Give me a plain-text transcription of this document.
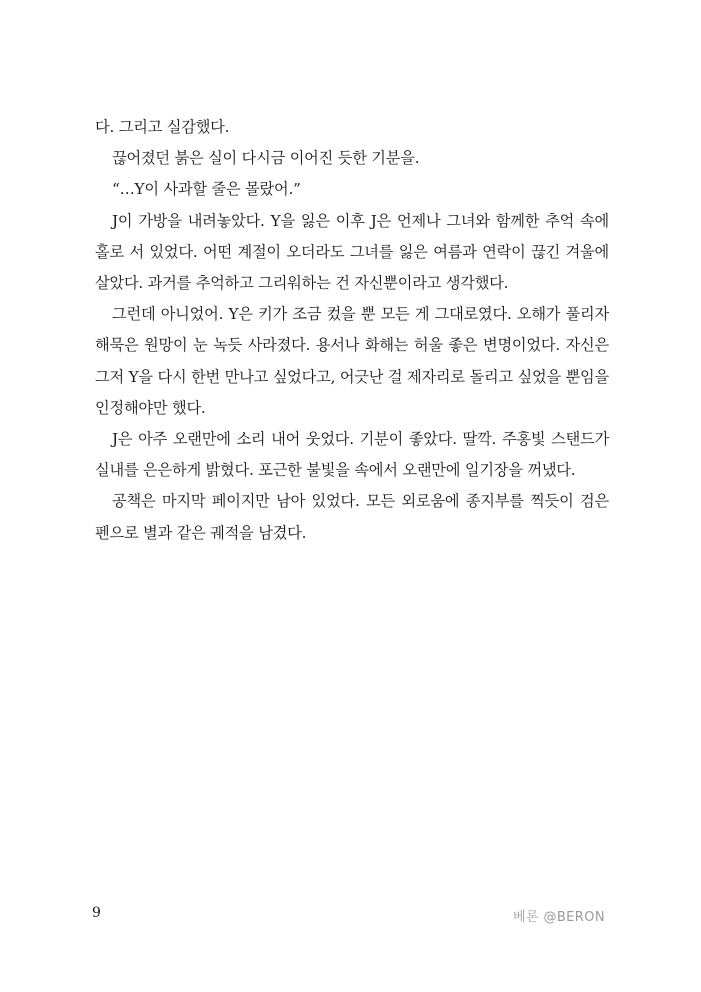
다. 그리고 실감했다.

끊어졌던 붉은 실이 다시금 이어진 듯한 기분을.

“…Y이 사과할 줄은 몰랐어.”

J이 가방을 내려놓았다. Y을 잃은 이후 J은 언제나 그녀와 함께한 추억 속에 홀로 서 있었다. 어떤 계절이 오더라도 그녀를 잃은 여름과 연락이 끊긴 겨울에 살았다. 과거를 추억하고 그리워하는 건 자신뿐이라고 생각했다.

그런데 아니었어. Y은 키가 조금 컸을 뿐 모든 게 그대로였다. 오해가 풀리자 해묵은 원망이 눈 녹듯 사라졌다. 용서나 화해는 허울 좋은 변명이었다. 자신은 그저 Y을 다시 한번 만나고 싶었다고, 어긋난 걸 제자리로 돌리고 싶었을 뿐임을 인정해야만 했다.

J은 아주 오랜만에 소리 내어 웃었다. 기분이 좋았다. 딸깍. 주홍빛 스탠드가 실내를 은은하게 밝혔다. 포근한 불빛을 속에서 오랜만에 일기장을 꺼냈다.

공책은 마지막 페이지만 남아 있었다. 모든 외로움에 종지부를 찍듯이 검은 펜으로 별과 같은 궤적을 남겼다.

9	베론 @BERON
